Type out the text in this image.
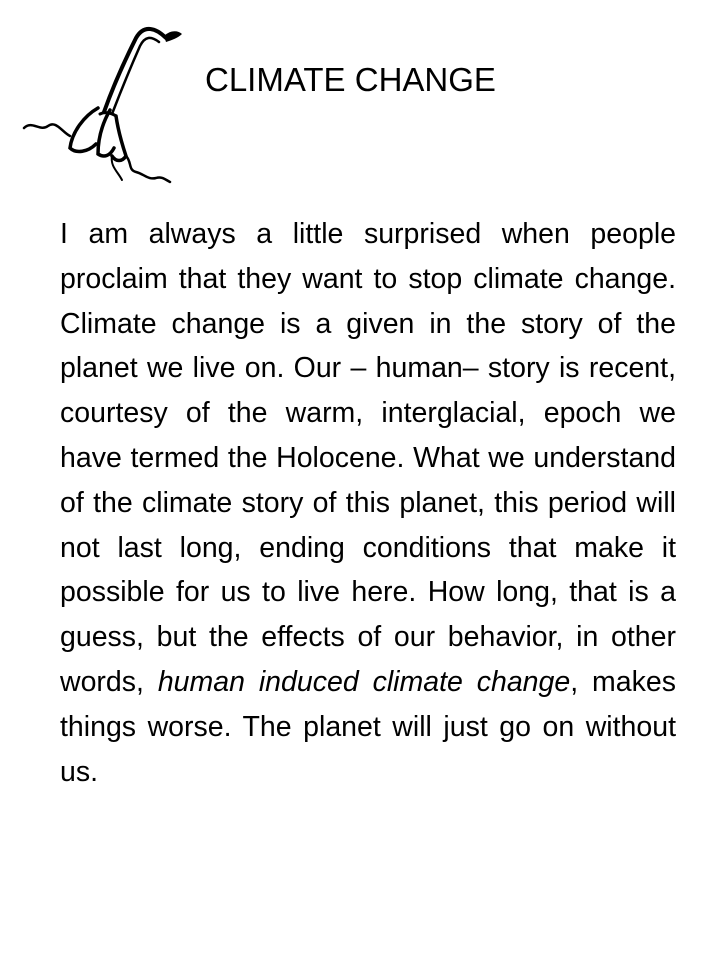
CLIMATE CHANGE

I am always a little surprised when people proclaim that they want to stop climate change. Climate change is a given in the story of the planet we live on. Our – human– story is recent, courtesy of the warm, interglacial, epoch we have termed the Holocene. What we understand of the climate story of this planet, this period will not last long, ending conditions that make it possible for us to live here. How long, that is a guess, but the effects of our behavior, in other words, human induced climate change, makes things worse. The planet will just go on without us.
